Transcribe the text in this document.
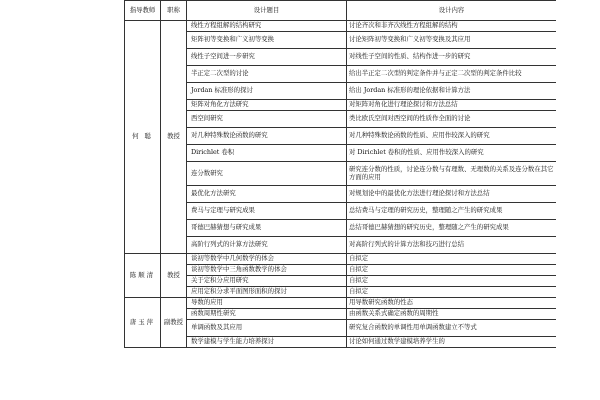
指导教师	职称	设计题目	设计内容
何 聪	教授	线性方程组解的结构研究	讨论齐次和非齐次线性方程组解的结构
		矩阵初等变换和广义初等变换	讨论矩阵初等变换和广义初等变换及其应用
		线性子空间进一步研究	对线性子空间的性质、结构作进一步的研究
		半正定二次型的讨论	给出半正定二次型的判定条件并与正定二次型的判定条件比较
		Jordan 标准形的探讨	给出 Jordan 标准形的理论依据和计算方法
		矩阵对角化方法研究	对矩阵对角化进行理论探讨和方法总结
		西空间研究	类比欧氏空间对西空间的性质作全面的讨论
		对几种特殊数论函数的研究	对几种特殊数论函数的性质、应用作较深入的研究
		Dirichlet 卷积	对 Dirichlet 卷积的性质、应用作较深入的研究
		连分数研究	研究连分数的性质，讨论连分数与有理数、无理数的关系及连分数在其它方面的应用
		最优化方法研究	对规划论中的最优化方法进行理论探讨和方法总结
		费马与定理与研究成果	总结费马与定理的研究历史，整理随之产生的研究成果
		哥德巴赫猜想与研究成果	总结哥德巴赫猜想的研究历史，整理随之产生的研究成果
		高阶行列式的计算方法研究	对高阶行列式的计算方法和技巧进行总结
陈顺清	教授	谈初等数学中几何数学的体会	自拟定
		谈初等数学中三角函数教学的体会	自拟定
		关于定积分应用研究	自拟定
		应用定积分求平面图形面积的探讨	自拟定
唐玉萍	副教授	导数的应用	用导数研究函数的性态
		函数周期性研究	由函数关系式确定函数的周期性
		单调函数及其应用	研究复合函数的单调性用单调函数建立不等式
		数学建模与学生能力培养探讨	讨论如何通过数学建模培养学生的
